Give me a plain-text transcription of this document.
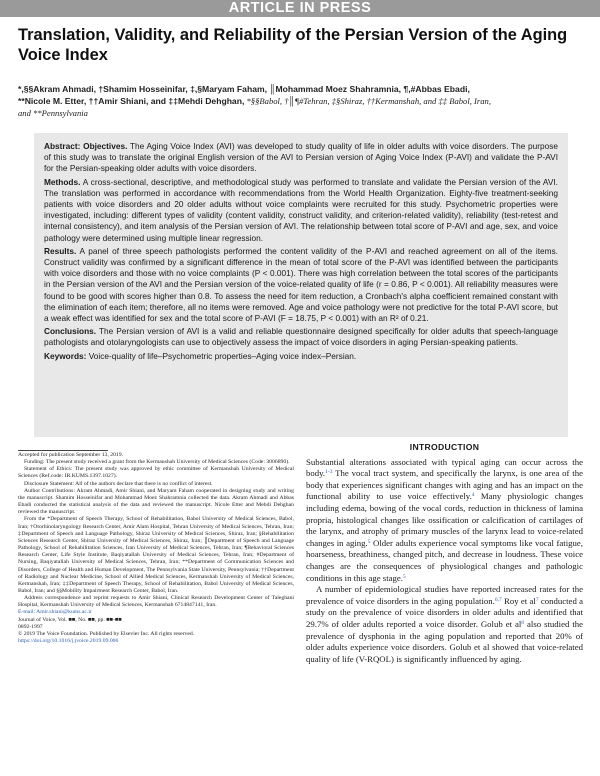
ARTICLE IN PRESS
Translation, Validity, and Reliability of the Persian Version of the Aging Voice Index
*,§§Akram Ahmadi, †Shamim Hosseinifar, ‡,§Maryam Faham, ║Mohammad Moez Shahramnia, ¶,#Abbas Ebadi,
**Nicole M. Etter, ††Amir Shiani, and ‡‡Mehdi Dehghan, *§§Babol, †║¶#Tehran, ‡§Shiraz, ††Kermanshah, and ‡‡ Babol, Iran,
and **Pennsylvania

Abstract: Objectives. The Aging Voice Index (AVI) was developed to study quality of life in older adults with voice disorders. The purpose of this study was to translate the original English version of the AVI to Persian version of Aging Voice Index (P-AVI) and validate the P-AVI for the Persian-speaking older adults with voice disorders.

Methods. A cross-sectional, descriptive, and methodological study was performed to translate and validate the Persian version of the AVI. The translation was performed in accordance with recommendations from the World Health Organization. Eighty-five treatment-seeking patients with voice disorders and 20 older adults without voice complaints were recruited for this study. Psychometric properties were investigated, including: different types of validity (content validity, construct validity, and criterion-related validity), reliability (test-retest and internal consistency), and item analysis of the Persian version of AVI. The relationship between total score of P-AVI and age, sex, and voice pathology were determined using multiple linear regression.

Results. A panel of three speech pathologists performed the content validity of the P-AVI and reached agreement on all of the items. Construct validity was confirmed by a significant difference in the mean of total score of the P-AVI was identified between the participants with voice disorders and those with no voice complaints (P < 0.001). There was high correlation between the total scores of the participants in the Persian version of the AVI and the Persian version of the voice-related quality of life (r = 0.86, P < 0.001). All reliability measures were found to be good with scores higher than 0.8. To assess the need for item reduction, a Cronbach's alpha coefficient remained constant with the elimination of each item; therefore, all no items were removed. Age and voice pathology were not predictive for the total P-AVI score, but a weak effect was identified for sex and the total score of P-AVI (F = 18.75, P < 0.001) with an R² of 0.21.

Conclusions. The Persian version of AVI is a valid and reliable questionnaire designed specifically for older adults that speech-language pathologists and otolaryngologists can use to objectively assess the impact of voice disorders in aging Persian-speaking patients.

Keywords: Voice-quality of life–Psychometric properties–Aging voice index–Persian.

Accepted for publication September 13, 2019.

Funding: The present study received a grant from the Kermanshah University of Medical Sciences (Code: 3006890).

Statement of Ethics: The present study was approved by ethic committee of Kermanshah University of Medical Sciences (Ref.code: IR.KUMS.1397.1027).

Disclosure Statement: All of the authors declare that there is no conflict of interest.

Author Contributions: Akram Ahmadi, Amir Shiani, and Maryam Faham cooperated in designing study and writing the manuscript. Shamim Hosseinifar and Mohammad Moez Shahramnia collected the data. Akram Ahmadi and Abbas Ebadi conducted the statistical analysis of the data and reviewed the manuscript. Nicole Etter and Mehdi Dehghan reviewed the manuscript.

From the *Department of Speech Therapy, School of Rehabilitation, Babol University of Medical Sciences, Babol, Iran; †Otorhinolaryngology Research Center, Amir Alam Hospital, Tehran University of Medical Sciences, Tehran, Iran; ‡Department of Speech and Language Pathology, Shiraz University of Medical Sciences, Shiraz, Iran; §Rehabilitation Sciences Research Center, Shiraz University of Medical Sciences, Shiraz, Iran; ║Department of Speech and Language Pathology, School of Rehabilitation Sciences, Iran University of Medical Sciences, Tehran, Iran; ¶Behavioral Sciences Research Center, Life Style Institute, Baqiyatallah University of Medical Sciences, Tehran, Iran; #Department of Nursing, Baqiyatallah University of Medical Sciences, Tehran, Iran; **Department of Communication Sciences and Disorders, College of Health and Human Development, The Pennsylvania State University, Pennsylvania; ††Department of Radiology and Nuclear Medicine, School of Allied Medical Sciences, Kermanshah University of Medical Sciences, Kermanshah, Iran; ‡‡Department of Speech Therapy, School of Rehabilitation, Babol University of Medical Sciences, Babol, Iran; and §§Mobility Impairment Research Center, Babol, Iran.

Address correspondence and reprint requests to Amir Shiani, Clinical Research Development Center of Taleghani Hospital, Kermanshah University of Medical Sciences, Kermanshah 6714847141, Iran.

E-mail: Amir.shiani@kums.ac.ir

Journal of Voice, Vol. ■■, No. ■■, pp. ■■-■■

0892-1997

© 2019 The Voice Foundation. Published by Elsevier Inc. All rights reserved.

https://doi.org/10.1016/j.jvoice.2019.09.006

INTRODUCTION

Substantial alterations associated with typical aging can occur across the body.$^{1-3}$ The vocal tract system, and specifically the larynx, is one area of the body that experiences significant changes with aging and has an impact on the functional ability to use voice effectively.$^4$ Many physiologic changes including edema, bowing of the vocal cords, reduction in thickness of lamina propria, histological changes like ossification or calcification of cartilages of the larynx, and atrophy of primary muscles of the larynx lead to voice-related changes in aging.$^5$ Older adults experience vocal symptoms like vocal fatigue, hoarseness, breathiness, changed pitch, and decrease in loudness. These voice changes are the consequences of physiological changes and pathologic conditions in this age stage.$^5$

A number of epidemiological studies have reported increased rates for the prevalence of voice disorders in the aging population.$^{6,7}$ Roy et $al^7$ conducted a study on the prevalence of voice disorders in older adults and identified that 29.7% of older adults reported a voice disorder. Golub et $al^8$ also studied the prevalence of dysphonia in the aging population and reported that 20% of older adults experience voice disorders. Golub et al showed that voice-related quality of life (V-RQOL) is significantly influenced by aging.
